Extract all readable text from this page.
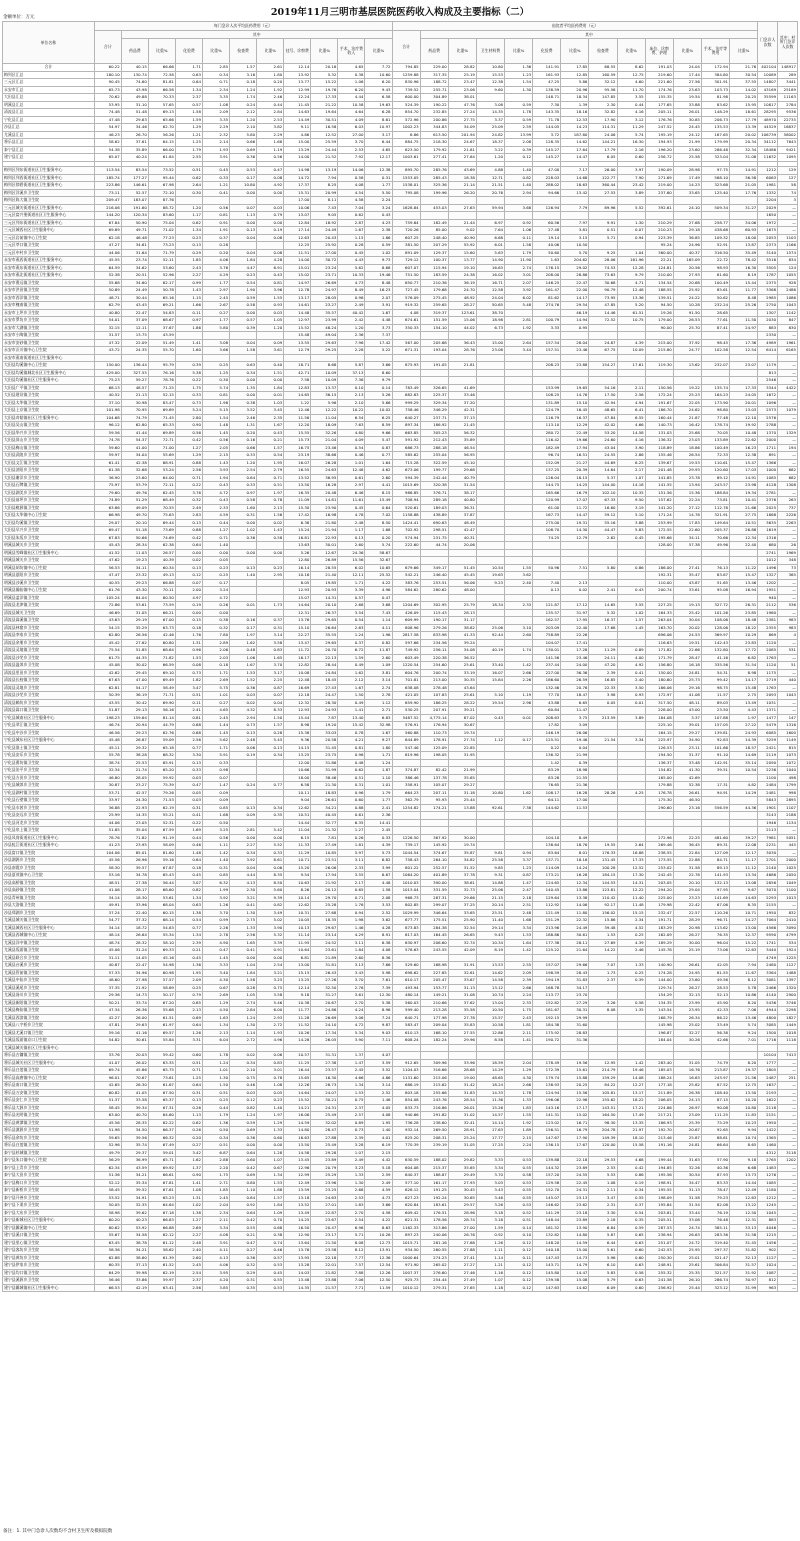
2019年11月三明市基层医院医药收入构成及主要指标（二）
金额单位：万元
单位名称	每门急诊人次平均医药费用（元）											出院者平均医药费用（元）													门急诊人次数	其中：村所门急诊人次数
	合计	其中										合计	其中													
		药品费	比重%	化验费	比重%	检查费	比重%	挂号、诊察费	比重%	手术、治疗费收入	比重%		药品费	比重%	卫生材料费	比重%	化验费	比重%	检查费	比重%	床位、诊察费、护理	比重%	手术、治疗等费用	比重%		
合计	60.22	40.15	66.66	1.71	2.85	1.57	2.61	12.14	20.16	4.65	7.72	794.85	229.00	28.82	10.80	1.36	141.91	17.85	68.55	8.62	191.03	24.04	172.94	21.76	402104	148917
梅列区汇总	180.10	130.74	72.58	0.63	0.34	3.16	1.80	13.92	5.32	0.38	10.60	1259.88	317.35	25.19	15.53	1.23	161.93	12.85	160.59	12.75	219.60	17.44	384.80	30.54	10089	289
三元区汇总	90.45	74.60	81.81	0.64	0.71	0.18	0.20	13.77	15.22	1.06	6.20	830.96	188.72	23.47	12.38	1.54	47.25	5.86	32.12	4.60	221.60	27.56	301.91	37.55	14807	3441
永安市汇总	65.73	43.98	66.58	1.34	2.34	1.24	1.92	12.99	19.76	6.20	9.43	739.52	255.71	23.06	9.60	1.30	138.59	20.96	95.56	11.70	174.76	23.63	103.73	14.02	43169	25189
大田县汇总	70.62	49.88	70.33	2.37	3.35	1.74	2.46	12.24	17.33	4.44	6.58	600.00	304.89	38.01			148.71	18.34	147.85	3.55	155.35	19.54	81.98	20.25	35599	11163
明溪县汇总	53.95	31.10	57.65	0.57	1.08	0.24	0.44	11.45	21.22	10.58	19.63	524.39	190.22	47.76	3.08	0.59	7.30	1.39	2.30	0.44	177.65	33.88	83.62	15.95	10817	2784
清流县汇总	74.48	51.48	69.13	1.58	2.09	2.12	2.84	14.63	19.64	4.64	6.28	854.70	232.85	27.24	14.35	1.78	143.35	18.16	32.82	4.16	205.11	26.01	148.29	18.61	28295	9536
宁化县汇总	47.48	29.63	65.66	1.59	3.35	1.20	2.53	14.49	30.51	4.09	8.61	572.96	200.86	27.75	3.37	0.59	71.78	12.53	17.90	3.12	176.76	30.85	206.73	17.79	48970	22735
沙县汇总	54.97	34.46	62.70	1.29	2.29	2.10	3.82	9.11	16.58	6.03	10.97	1002.23	344.83	34.09	25.09	2.59	144.05	14.23	114.31	11.29	247.52	24.45	135.53	13.39	44529	16837
尤溪县汇总	46.23	26.70	56.26	1.21	2.32	5.80	2.29	4.86	12.52	27.00	3.17	6.86	613.50	201.94	24.82	13.99	3.72	187.80	24.06	5.74	195.19	24.12	167.65	20.02	106739	58002
将乐县汇总	58.62	37.61	64.15	1.25	2.14	0.66	1.68	15.00	25.59	3.70	6.44	884.75	218.30	24.67	18.37	2.08	128.35	14.62	144.21	16.30	194.93	21.99	179.99	20.34	34112	7643
泰宁县汇总	54.38	35.89	66.00	1.79	1.93	0.69	1.19	13.29	24.44	2.53	4.65	623.50	179.92	21.81	3.22	0.39	145.27	17.64	17.79	2.16	196.20	23.60	286.48	32.34	18486	9421
建宁县汇总	65.07	40.24	61.84	2.55	3.91	0.36	0.56	14.00	21.52	7.92	12.17	1003.61	277.41	27.64	1.20	0.12	145.27	14.47	6.05	0.60	256.72	25.58	323.04	31.08	11632	1095

梅列区列东街道社区卫生服务中心	113.54	83.54	73.52	0.51	0.45	0.53	0.47	14.98	13.19	14.06	12.38	895.70	285.76	43.69	4.88	1.40	47.00	7.17	26.00	3.97	190.09	28.98	97.75	14.91	1212	129
梅列区列西街道社区卫生服务中心	185.74	177.27	95.44	0.62	0.33	0.17	0.08	14.72	7.94	0.58	0.31	1553.05	285.43	18.38	12.71	0.82	228.03	14.68	122.77	7.90	271.69	17.49	568.10	36.58	6063	127
梅列区徐碧街道社区卫生服务中心	223.86	146.61	67.98	2.64	1.21	10.80	4.92	17.37	8.25	4.08	1.77	1538.01	325.36	21.14	21.51	1.40	288.02	18.63	360.44	23.42	219.00	14.23	323.68	21.05	1981	58
梅列区洋溪乡卫生院	73.11	52.57	72.10	0.30	0.41	0.00	0.00	15.31	20.99	4.54	5.50	795.08	199.96	26.20	20.76	2.94	94.66	13.42	27.53	3.89	237.60	33.65	125.40	17.76	1332	74
梅列区陈大镇卫生院	209.47	183.07	87.76					17.00	8.11	4.58	2.24														2204	3
三元区城关街道社区卫生服务中心	216.06	191.60	88.72	1.20	0.56	0.07	0.03	10.06	7.43	7.04	3.24	1628.84	453.03	27.63	59.94	3.68	126.94	7.79	89.96	5.52	392.61	24.10	509.34	31.27	2029	—
三元区富兴堡街道社区卫生服务中心	144.20	120.34	83.60	1.17	0.81	1.13	0.79	13.07	9.05	0.62	0.43														1650	—
三元区列东街道社区卫生服务中心	67.84	50.90	75.04	0.62	0.91	0.00	0.00	12.84	18.92	2.87	4.23	759.64	182.49	21.44	6.97	0.92	60.56	7.97	9.91	1.30	210.29	27.68	258.77	34.06	1972	—
三元区城西社区卫生服务中心	69.89	49.71	71.02	1.34	1.91	0.13	0.19	17.14	24.49	1.67	2.38	720.26	85.00	9.02	7.64	1.06	27.48	3.81	0.51	0.07	210.23	29.18	438.68	60.93	1675	—
三元区岩前镇中心卫生院	62.18	46.48	77.23	0.23	0.37	0.04	0.08	12.63	20.43	1.15	1.86	607.25	248.40	40.90	6.68	0.11	19.14	3.15	5.71	0.94	223.39	36.85	109.32	18.00	2053	1103
三元区莘口镇卫生院	47.27	34.61	73.23	0.13	0.28			12.25	25.92	0.28	0.59	381.50	207.29	55.92	6.01	1.58	40.06	10.50			95.24	24.96	52.91	13.87	2373	1166
三元区中村乡卫生院	44.06	31.64	71.79	0.29	0.20	0.04	0.08	11.51	27.00	0.45	1.02	891.09	129.37	15.60	5.63	1.79	50.60	5.70	9.25	1.04	360.00	40.37	316.50	35.49	3140	1574
永安市燕西街道社区卫生服务中心	45.55	23.74	52.11	1.85	4.06	1.84	4.28	14.00	30.72	4.43	9.73	729.12	100.37	13.77	14.90	11.90	1.63	204.62	28.06	161.96	22.21	165.09	22.72	78.42	3516	834
永安市燕东街道社区卫生服务中心	64.59	34.62	53.60	2.43	3.76	4.47	6.91	15.01	23.24	5.62	8.68	607.07	115.94	19.10	16.63	2.74	176.15	29.02	74.53	12.28	124.81	20.56	98.93	16.30	3505	124
永安市燕北街道社区卫生服务中心	52.38	20.51	52.96	2.27	4.29	0.23	0.43	15.02	23.71	10.33	19.46	751.50	183.59	24.38	16.02	3.01	208.00	28.86	73.63	9.79	210.00	27.93	61.60	8.19	1787	1055
永安市曹远镇卫生院	55.68	34.60	62.17	0.99	1.77	0.54	0.81	14.97	26.69	4.73	8.48	650.77	210.36	36.19	16.71	2.07	146.25	22.47	30.68	4.71	134.54	20.68	100.49	15.44	2375	928
永安市洪田镇卫生院	50.89	24.49	50.78	1.43	2.97	1.90	3.96	12.78	24.97	8.49	16.23	727.45	179.68	24.70	12.58	3.92	161.47	22.00	90.79	12.48	188.55	25.92	85.61	11.77	3368	2486
永安市西洋镇卫生院	48.71	30.44	65.16	1.15	2.45	0.59	1.55	13.17	28.05	0.98	2.07	576.09	275.45	48.92	24.04	6.02	81.62	14.17	73.95	13.36	139.51	24.22	50.62	8.48	2985	1086
永安市槐南镇卫生院	62.79	43.45	69.21	1.66	2.67	0.58	0.93	14.61	23.27	2.49	3.91	919.32	259.65	28.27	50.65	5.48	274.76	29.54	47.85	5.20	94.50	10.28	232.24	25.26	2750	1043
永安市上坪乡卫生院	40.80	22.47	54.83	0.11	0.27	0.00	0.03	14.48	35.57	40.42	1.67	4.08	319.37	123.61	38.70			46.19	14.46	61.51	19.26	91.50	28.65		1307	1142
永安市罗坊乡卫生院	54.01	37.09	68.67	0.97	1.77	0.57	1.05	12.97	23.99	2.42	4.48	674.61	151.59	15.06	18.98	2.81	100.79	14.94	72.52	10.75	179.00	26.53	77.61	11.50	2030	847
永安市大湖镇卫生院	32.15	12.11	37.67	1.86	5.80	0.39	1.20	15.52	48.24	1.20	3.73	350.33	154.10	44.02	6.73	1.92	3.33	0.95			90.00	25.70	87.41	24.97	883	830
永安市小陶镇卫生院	31.57	13.75	43.59					15.48	49.04	2.36	7.37														2330	—
永安市安砂镇卫生院	47.32	22.09	51.49	1.41	3.08	0.04	0.09	13.55	29.63	7.96	17.42	567.00	205.68	36.43	15.00	2.64	157.54	28.04	24.87	4.39	215.00	37.92	98.45	17.36	4989	1961
永安市贡川镇中心卫生院	43.72	24.35	55.70	1.60	3.66	1.58	3.61	12.79	29.25	2.28	5.22	671.31	193.04	28.76	23.08	3.44	157.51	23.46	67.75	10.09	215.80	24.77	102.58	12.54	6414	6165
永安市燕南街道社区卫生服务中心																										
大田县均溪镇中心卫生院	150.00	136.44	95.79	0.39	0.25	0.63	0.40	18.71	8.68	5.87	3.66	875.93	191.05	21.81			208.23	23.88	154.27	17.61	119.30	13.62	232.07	23.07	1179	—
大田县均溪镇城北社区卫生服务中心	429.00	327.55	76.16	5.38	1.25	0.34	1.51	42.71	10.09	37.13	8.60														813	—
大田县均溪镇社区卫生服务中心	75.23	59.27	78.76	0.22	0.30	0.00	0.00	7.58	10.09	7.36	9.79														2546	—
大田县广平镇卫生院	68.13	48.57	71.25	1.75	5.74	1.35	1.84	12.83	13.37	0.10	0.14	783.49	326.65	41.69			153.99	19.65	54.16	2.11	150.56	19.22	135.74	17.33	3344	4422
大田县建设镇卫生院	40.52	21.13	52.15	0.33	0.81	0.00	0.01	14.65	36.15	2.13	5.26	682.83	225.37	33.46			108.25	14.76	17.50	2.56	172.24	25.23	164.23	24.05	1672	—
大田县太华镇卫生院	37.10	30.98	83.47	0.73	1.98	0.38	1.03	1.22	5.96	2.10	5.66	999.29	329.34	37.20			131.89	15.10	42.94	4.94	191.67	22.05	173.90	20.01	1096	—
大田县上京镇卫生院	101.98	70.95	69.89	5.24	5.15	3.52	3.45	12.46	12.22	10.22	10.02	758.46	346.29	42.31			124.79	16.45	48.65	6.41	186.70	24.62	98.80	13.03	2573	1079
大田县奇韬镇社区卫生服务中心	104.68	74.79	71.45	2.80	1.54	2.46	2.35	11.56	11.04	6.54	6.25	640.27	237.71	37.13			116.79	16.37	47.84	6.55	160.44	21.87	77.48	12.10	2576	—
大田县吴山镇卫生院	96.12	62.80	65.33	0.90	1.48	1.31	1.67	12.20	18.09	7.63	8.59	897.34	186.92	21.45			113.10	12.29	42.02	4.66	140.73	16.42	178.74	19.92	2788	—
大田县华兴乡卫生院	59.56	41.44	69.89	0.56	1.45	0.20	0.43	15.55	32.26	4.80	9.66	663.85	305.23	56.32			280.72	22.49	53.20	14.58	131.03	25.68	70.05	10.48	1370	1329
大田县屏山乡卫生院	74.78	54.37	72.71	0.42	0.56	0.16	0.21	15.73	21.04	4.09	5.47	591.92	212.43	35.89			116.42	19.66	24.60	4.16	136.32	23.03	133.89	22.62	2000	—
大田县梅山镇卫生院	59.60	41.00	71.00	1.27	2.05	0.66	1.57	16.75	23.46	0.54	0.87	686.73	288.18	46.54			182.49	17.94	43.04	3.90	118.89	18.86	100.49	16.23	1711	194
大田县武陵乡卫生院	59.97	34.04	55.69	1.29	2.15	0.33	0.54	23.19	38.68	0.46	0.77	585.62	255.04	56.95			96.74	16.51	24.55	2.86	155.46	26.54	72.33	12.38	891	—
大田县文江镇卫生院	61.41	42.38	68.91	0.88	1.43	1.20	1.95	16.07	26.28	1.01	1.64	715.28	322.59	45.10			152.09	21.27	44.69	6.25	139.67	19.53	110.61	15.47	1366	—
大田县济阳乡卫生院	61.38	32.68	53.24	2.56	3.93	2.54	2.79	16.55	24.63	12.48	4.62	673.06	199.77	29.68			137.25	20.39	14.64	2.17	201.48	29.93	120.60	17.03	1000	682
大田县谢洋乡卫生院	36.90	23.60	64.00	0.71	1.94	0.64	0.71	13.52	36.95	0.61	2.60	594.39	242.44	40.79			126.04	18.15	5.37	1.07	141.85	23.78	89.12	14.91	1085	682
大田县石牌镇卫生院	75.97	53.79	72.11	0.22	0.43	0.33	0.51	13.50	16.28	2.97	4.41	1015.69	320.38	31.54			144.75	14.25	144.00	14.18	141.55	13.94	243.57	23.98	4128	1308
大田县湖美乡卫生院	79.60	49.76	62.45	3.76	4.72	0.97	1.97	16.35	20.48	6.46	8.15	986.85	376.71	38.17			165.66	16.79	102.10	10.35	151.56	15.36	188.84	19.34	2781	—
大田县前坪乡卫生院	74.89	51.29	68.49	0.32	0.43	0.58	0.78	11.09	14.81	11.61	15.49	708.94	289.18	40.80			120.99	17.07	67.33	9.50	157.62	22.24	73.81	10.41	2376	263
大田县桃源镇卫生院	63.86	49.09	70.55	2.49	2.33	1.60	2.13	15.30	23.90	0.45	0.64	520.61	189.03	36.31			61.00	11.72	16.60	3.19	141.20	27.12	112.78	21.66	2025	737
大田县太华镇中心卫生院	66.98	49.70	75.63	2.83	4.59	0.31	1.56	17.42	16.98	4.78	7.02	1158.88	438.89	37.87			167.73	14.47	59.12	5.10	171.24	14.78	321.91	27.75	1868	2226
大田县均溪镇卫生院	29.07	20.10	69.44	0.13	0.44	0.00	0.02	6.38	21.80	2.48	8.50	1424.41	690.63	48.49			275.00	19.31	55.16	3.88	253.99	17.83	149.64	10.51	3635	2263
大田县早兴乡卫生院	69.47	51.18	73.69	0.88	1.27	1.02	1.43	15.24	21.94	1.17	1.68	702.92	298.51	42.47			108.70	14.30	44.47	5.83	172.55	22.60	205.37	26.88	1619	—
大田县朱坂乡卫生院	67.83	50.66	74.69	0.42	0.71	0.36	0.58	16.81	22.93	0.13	0.20	574.94	231.75	40.31			74.25	12.79	2.62	0.45	195.66	34.11	70.66	12.34	1316	—
明溪县城关乡卫生院	45.43	28.34	62.38	0.64	1.40			13.63	30.01	2.60	5.74	222.60	44.74	20.06							128.00	57.38	49.96	22.40	680	26
明溪县雪峰镇社区卫生服务中心	41.52	11.03	26.57	0.00	0.00	0.00	0.00	5.26	12.67	24.36	58.67														2741	1969
明溪县城关乡卫生院	47.62	19.23	40.39	0.02	0.05			12.80	26.89	15.56	32.67														1012	348
明溪县胡坊镇中心卫生院	56.53	34.11	60.34	0.13	0.23	0.13	0.23	16.14	28.55	6.02	10.65	679.66	349.17	51.45	10.54	1.55	50.96	7.51	5.80	0.86	186.00	27.41	76.13	11.22	1496	73
明溪县夏阳乡卫生院	47.47	23.32	49.13	0.12	0.25	1.40	2.95	10.16	21.40	12.11	25.52	542.21	246.40	45.45	19.63	3.62					192.31	35.47	83.87	15.47	1327	365
明溪县沙溪乡卫生院	40.55	29.23	66.88	0.07	0.17			8.05	19.85	1.71	4.22	383.76	253.51	56.06	9.23	2.40	7.40	2.13			110.00	43.87	51.65	13.46	1202	—
明溪县瀚仙镇中心卫生院	61.76	43.30	70.11	2.00	3.24			12.93	20.93	3.39	4.96	584.62	280.62	48.00			0.13	0.02	2.41	0.43	200.74	33.61	95.08	16.94	1951	—
明溪县盖洋镇卫生院	105.24	84.04	80.50	4.97	4.72			15.07	14.31	0.57	0.47														940	—
清流县龙津镇卫生院	72.86	53.61	73.59	0.19	0.26	0.01	1.73	14.64	20.10	2.68	3.68	1204.69	302.95	25.79	18.34	2.33	121.87	17.12	14.65	3.55	227.25	19.13	327.72	26.31	2112	536
清流县城关卫生院	46.69	31.05	66.21	0.00	0.00			12.31	26.37	3.54	7.43	426.09	115.43	28.13			135.57	31.97	5.32	1.02	164.33	25.42	101.26	23.85	1960	—
清流县嵩溪镇卫生院	43.63	29.19	67.00	0.15	0.38	0.16	0.37	13.76	29.65	0.54	1.14	609.99	190.17	31.17			162.57	17.95	16.37	1.57	263.04	30.04	108.06	18.48	2381	983
清流县林畲乡卫生院	54.15	35.29	63.73	0.18	0.32	0.17	0.31	15.10	26.64	2.63	4.11	808.96	279.26	38.82	25.06	3.10	203.09	22.40	17.68	1.45	163.70	20.02	128.06	18.22	2355	983
清流县李家乡卫生院	62.80	26.56	42.46	1.76	7.80	1.97	3.14	22.27	35.55	1.24	1.96	2817.58	833.98	41.33	92.44	2.60	758.89	22.26			696.06	24.53	369.97	10.29	869	4
清流县余朋乡卫生院	45.42	27.62	60.80	1.31	2.89	1.62	3.58	13.47	29.65	0.37	0.82	597.66	234.56	39.24			104.07	17.41			116.63	19.51	142.43	23.83	1120	—
清流县灵地镇卫生院	75.54	51.85	68.64	0.96	2.06	0.48	0.83	11.72	20.70	6.72	11.87	749.92	256.11	34.08	40.19	1.74	130.01	17.28	11.29	0.89	171.82	22.66	132.80	17.72	2085	531
清流县沙芜乡卫生院	61.75	44.35	71.82	1.53	2.03	1.06	1.65	16.17	22.13	1.59	2.60	603.49	220.38	36.52			141.56	23.46	24.11	4.00	171.79	28.47	41.16	6.82	1763	—
清流县温郊乡卫生院	45.08	30.02	66.59	0.08	0.18	1.67	3.70	12.82	28.44	0.49	1.09	1220.54	254.60	25.61	33.40	1.42	237.44	24.00	47.20	4.92	156.80	16.18	335.56	31.54	1120	51
清流县里田乡卫生院	42.62	29.45	69.10	0.73	1.71	1.53	3.17	10.08	24.84	1.62	3.81	604.76	200.74	33.19	16.07	2.66	227.00	36.36	2.39	0.41	150.00	24.81	54.31	8.98	1175	—
清流县长校镇卫生院	67.63	47.00	69.49	1.82	2.69	1.52	2.25	12.48	18.45	2.12	3.14	701.81	213.00	30.35	15.84	2.26	186.60	26.59	16.85	2.40	180.60	25.73	99.42	14.17	2719	440
清流县灵地乡卫生院	62.81	54.17	58.49	3.47	5.75	0.36	0.87	16.69	27.43	1.67	2.74	638.08	278.48	43.64			132.46	20.76	22.33	3.50	186.06	29.16	98.75	15.48	1763	—
清流县沙芜乡卫生院	50.39	36.19	71.71	0.51	1.01	0.03	0.07	12.18	24.47	1.50	2.78	421.05	107.83	25.61	5.10	1.19	77.70	18.47	3.98	0.93	172.97	41.08	11.57	2.75	2093	1043
清流县赖坊乡卫生院	43.55	30.42	69.90	0.11	0.27	0.02	0.04	12.32	28.30	0.49	1.12	659.90	186.25	28.22	19.54	2.96	43.88	6.65	0.05	0.01	317.50	48.11	89.03	13.49	1031	—
清流县嵩口镇卫生院	51.87	29.13	56.16	2.41	4.65	4.32	8.33	12.93	24.93	1.41	2.71	530.25	207.91	39.21			60.84	11.47			228.00	43.00	23.50	4.43	1371	—
宁化县城南社区卫生服务中心	198.23	159.64	81.14	0.81	2.45	2.94	1.50	15.44	7.87	13.40	6.83	5487.52	4,775.14	87.02	0.43	0.01	208.63	3.75	213.59	3.89	184.08	3.37	107.88	1.97	1477	147
宁化县翠江镇卫生院	46.74	20.94	44.79	0.68	1.44	0.73	1.57	8.98	19.20	15.42	32.98	576.91	176.94	30.67			17.82	3.09			225.10	39.01	157.05	27.22	5479	1316
宁化县中沙乡卫生院	46.56	29.23	62.76	0.68	1.45	0.13	0.28	15.38	33.03	0.78	1.67	560.88	110.73	19.74			146.19	26.06			164.15	29.27	139.81	24.93	6085	1600
宁化县城东社区卫生服务中心	45.48	26.87	59.09	2.56	5.62	2.48	5.45	9.36	20.58	4.21	9.27	644.89	178.91	27.74	1.12	0.17	125.51	19.46	21.54	3.34	225.97	34.90	92.83	14.39	3259	1149
宁化县淮土镇卫生院	45.11	29.32	65.18	0.77	1.71	0.06	0.13	14.15	31.45	0.81	1.80	547.46	125.09	22.85			0.22	0.04			126.53	23.11	101.66	18.57	2421	815
宁化县安乐乡卫生院	55.78	38.28	68.32	3.30	5.91	0.19	0.34	13.25	23.75	0.96	1.71	619.96	198.05	31.95			136.32	21.99			194.50	31.37	91.10	14.69	2119	1073
宁化县曹坊镇卫生院	38.74	25.53	65.91	0.13	0.33			12.00	31.86	0.48	1.24						1.42	0.39			136.37	33.48	142.91	35.14	2090	1072
宁化县治平乡卫生院	32.34	21.74	65.20	0.33	0.98			10.66	31.99	0.62	1.87	374.87	82.42	21.99			83.29	18.98			154.82	41.30	39.51	10.54	2236	1040
宁化县方田乡卫生院	46.80	28.05	59.92	0.03	0.07			18.00	38.46	0.51	1.10	386.46	137.78	35.65			83.28	21.55			165.00	42.69			1100	498
宁化县城郊乡卫生院	30.87	23.27	75.39	0.47	1.47	0.24	0.77	6.58	21.30	0.31	1.01	358.91	105.07	29.27			76.65	21.36			179.88	52.38	17.31	4.82	2484	1799
宁化县湖村镇卫生院	53.71	42.57	79.26	0.05	0.09			10.11	18.83	0.96	1.79	664.23	207.11	31.18	10.80	1.62	108.17	16.28	28.26	4.25	176.78	26.61	94.91	14.29	2481	998
宁化县石壁镇卫生院	33.97	24.30	71.53	0.03	0.09			9.04	26.61	0.60	1.77	362.79	95.93	25.44			64.11	17.00			175.30	46.50			5843	2895
宁化县水茜乡卫生院	36.88	22.93	62.19	0.31	0.85	0.13	0.34	12.62	34.21	0.88	2.41	1254.82	174.21	13.88	92.61	7.38	144.62	11.53			290.60	23.16	556.59	44.36	1901	1107
宁化县安远乡卫生院	25.99	14.35	55.21	0.41	1.68	0.09	0.35	10.51	40.45	0.61	2.36														3143	2188
宁化县河龙乡卫生院	44.06	23.05	52.31	0.22	0.50			14.44	32.77	6.35	14.41														1946	1134
宁化县泉上镇卫生院	51.85	35.04	67.59	1.69	3.25	2.81	5.42	11.04	21.32	1.27	2.45														2113	—
沙县凤岗街道社区卫生服务中心	78.76	71.82	91.19	0.44	0.56	0.00	0.00	6.15	7.81	0.26	0.33	1226.50	367.92	30.00			104.10	8.49			272.96	22.25	481.60	39.27	7981	5051
沙县虬江街道社区卫生服务中心	41.23	23.95	58.09	0.46	1.11	2.27	5.52	11.33	27.49	1.81	4.39	739.17	145.92	19.74			138.64	18.76	19.55	2.64	269.46	36.45	89.31	12.08	2231	445
沙县富口镇卫生院	104.06	85.01	81.60	1.48	1.42	0.34	0.33	11.29	10.85	5.97	5.73	1044.54	374.67	35.87	9.81	0.94	83.64	8.01	176.33	16.88	238.55	22.84	127.09	12.17	3030	—
沙县湖源乡卫生院	45.56	26.96	59.16	0.64	1.40	3.92	8.61	10.71	23.51	3.11	6.82	758.43	264.10	34.82	25.58	3.37	137.71	18.16	131.45	17.33	173.55	22.88	84.71	11.17	2701	2000
沙县南霞乡卫生院	58.30	39.57	67.87	0.18	0.31	0.04	0.06	15.20	26.06	2.33	3.99	801.22	252.57	31.52	9.85	1.23	114.09	14.24	100.28	12.52	253.02	31.58	89.13	11.12	2140	1025
沙县夏茂镇中心卫生院	53.16	34.78	65.43	0.45	0.85	4.44	8.35	9.54	17.94	3.55	6.67	1064.20	401.89	37.78	9.31	0.87	173.21	16.28	184.15	17.30	242.45	22.78	141.93	13.34	4686	2050
沙县高桥镇卫生院	48.51	27.38	56.44	3.07	6.32	4.13	8.50	10.63	21.92	2.17	4.48	1010.03	390.00	38.61	14.88	1.47	124.65	12.34	144.53	14.31	203.05	20.10	132.13	13.08	2856	1049
沙县高砂镇卫生院	41.06	28.17	68.60	0.82	1.99	2.30	5.60	8.26	20.12	0.65	1.58	1013.04	331.59	32.73	25.06	2.47	140.45	13.86	123.81	12.22	294.20	29.04	97.95	9.67	3070	1100
沙县青州镇卫生院	34.14	18.30	53.61	1.34	3.92	3.21	9.39	10.14	29.70	0.71	2.08	968.73	287.31	29.66	21.15	2.18	129.64	13.38	110.42	11.40	225.00	23.23	141.69	14.63	2293	1013
沙县大洛镇卫生院	49.91	33.96	68.04	0.63	1.26	0.41	0.82	12.62	25.28	1.76	3.53	802.85	299.07	37.25	20.14	2.51	112.92	14.06	92.17	11.48	179.98	22.42	67.06	8.35	2155	—
沙县郑湖乡卫生院	37.24	22.40	60.15	1.38	3.70	1.30	3.49	10.31	27.68	0.94	2.52	1029.99	346.64	33.65	25.51	2.48	121.49	11.80	156.02	15.15	232.47	22.57	110.26	10.71	1950	832
尤溪县城关镇卫生院	54.77	37.32	68.14	0.54	0.99	2.75	5.02	10.05	18.35	1.98	3.62	677.77	175.51	25.90	11.40	1.68	151.29	22.32	15.86	2.34	191.71	28.29	96.71	14.27	7064	2410
尤溪县城西社区卫生服务中心	34.14	18.72	54.83	0.77	2.26	1.33	3.90	10.13	29.67	1.46	4.28	873.83	284.38	32.54	29.14	3.34	213.96	24.49	39.48	4.52	183.29	20.98	113.62	13.00	4566	3090
尤溪县西城镇中心卫生院	48.14	26.64	55.34	1.34	2.78	2.56	5.32	11.14	23.14	4.29	8.91	617.03	164.45	26.65	9.43	1.53	188.86	30.61	1.53	0.25	162.09	26.27	76.35	12.37	9590	4799
尤溪县洋中镇卫生院	48.74	28.32	58.10	2.39	4.90	1.65	3.39	11.95	24.52	3.11	6.38	630.97	206.60	32.74	10.34	1.64	177.38	28.11	27.69	4.39	189.29	30.00	96.04	15.22	1741	534
尤溪县坂面镇卫生院	45.06	31.24	69.33	0.21	0.47	0.41	0.91	10.64	23.61	1.84	4.08	578.63	243.55	42.09	8.19	1.42	125.22	21.64	14.22	2.46	145.78	25.19	73.06	12.63	3440	1924
尤溪县联合乡卫生院	31.11	14.05	45.16	0.45	1.45	0.00	0.00	6.81	21.89	2.60	8.36														4749	1225
尤溪县台溪乡卫生院	40.87	22.47	54.98	1.36	3.33	1.04	2.54	13.00	31.81	3.13	7.66	529.60	168.98	31.91	13.53	2.55	157.07	29.66	7.07	1.33	140.90	26.61	42.05	7.94	2480	1127
尤溪县管前镇卫生院	57.33	34.96	60.98	1.95	3.40	1.84	3.21	15.15	26.43	3.43	5.98	698.62	227.85	32.61	14.62	2.09	198.59	28.43	1.73	0.25	174.28	24.95	81.55	11.67	3364	1488
尤溪县中仙乡卫生院	48.60	27.98	57.57	2.09	4.30	1.58	3.25	13.25	27.26	3.70	7.61	610.17	205.47	33.67	14.58	2.39	194.19	31.83	2.37	0.39	144.00	23.60	49.56	8.12	3081	1397
尤溪县溪尾乡卫生院	37.35	21.92	58.69	0.25	0.67	0.28	0.75	12.14	32.50	2.76	7.39	493.94	153.77	31.13	13.12	2.66	168.78	34.17			129.74	26.27	28.53	5.78	2466	1320
尤溪县汤川乡卫生院	29.36	14.73	50.17	0.79	2.69	1.05	3.58	9.18	31.27	3.61	12.30	480.14	149.21	31.08	10.74	2.24	113.77	23.70			154.29	32.13	52.13	10.86	4140	2900
尤溪县新阳镇卫生院	50.21	33.74	67.20	0.65	1.29	2.74	5.46	10.38	20.67	2.70	5.38	560.03	210.66	37.62	13.04	2.33	152.82	27.29	3.26	0.58	134.35	23.99	45.90	8.20	5436	3746
尤溪县梅仙镇卫生院	47.34	26.36	55.68	2.13	4.50	2.84	6.00	11.77	24.86	4.24	8.96	599.40	213.28	35.58	10.50	1.75	181.67	30.31	8.08	1.35	143.54	23.95	42.33	7.06	4944	2298
尤溪县西滨镇卫生院	42.27	26.00	61.51	0.69	1.63	1.24	2.93	11.28	26.69	3.06	7.24	640.71	177.98	27.78	15.57	2.43	192.15	29.99			168.79	26.34	86.22	13.46	4800	1827
尤溪县八字桥乡卫生院	47.81	29.63	61.97	0.64	1.34	1.30	2.72	11.52	24.10	4.72	9.87	583.47	209.04	35.83	10.58	1.81	184.38	31.60			145.98	25.02	33.49	5.74	3085	1449
尤溪县尤溪口镇卫生院	59.16	41.16	69.57	1.26	2.13	1.14	1.93	10.26	17.34	5.34	9.03	610.13	168.10	27.55	12.86	2.11	175.92	28.83			196.87	32.27	56.38	9.24	1500	1018
尤溪县坂面镇京口卫生院	54.82	30.61	55.84	3.31	6.04	2.72	4.96	14.28	26.05	3.90	7.11	608.24	182.24	29.96	8.58	1.41	190.72	31.36			184.04	30.26	42.66	7.01	1716	1118
尤溪县城关镇社区卫生服务中心																										
将乐县古镛镇卫生院	33.76	20.03	59.42	0.60	1.78	0.02	0.06	10.57	31.31	1.37	4.07														10104	7413
将乐县城关社区卫生服务中心	41.07	26.02	63.35	0.51	1.24	0.34	0.83	11.25	27.38	1.47	3.59	912.65	309.96	33.96	18.59	2.04	178.49	19.56	12.95	1.42	283.40	31.05	74.79	8.20	1777	—
将乐县白莲镇卫生院	69.74	45.86	65.75	0.71	1.01	2.10	3.01	16.44	23.57	2.45	3.52	1104.03	316.66	28.68	14.29	1.29	172.39	15.61	214.79	19.46	185.03	16.76	213.87	19.37	1805	—
将乐县高唐镇中心卫生院	96.01	70.67	73.61	1.25	1.30	0.75	0.78	15.65	16.30	4.66	4.86	1131.60	215.06	19.00	48.65	4.30	179.74	15.88	159.29	14.08	188.24	16.63	243.97	21.56	2487	251
将乐县南口镇卫生院	42.65	26.30	61.67	0.64	1.50	0.46	1.08	12.26	28.73	1.34	3.14	686.19	215.62	31.42	18.24	2.66	138.93	20.25	84.22	12.27	177.18	25.82	87.52	12.75	1637	—
将乐县万安镇卫生院	60.82	41.05	67.50	0.31	0.51	0.03	0.05	14.64	24.07	1.53	2.52	803.18	255.66	31.83	14.33	1.78	124.94	15.56	105.81	13.17	211.89	26.38	108.40	13.50	2193	—
将乐县安仁乡卫生院	51.37	33.58	65.37	0.13	0.25	0.12	0.23	15.52	30.21	0.75	1.46	854.08	243.76	28.54	11.36	1.33	196.06	22.96	155.62	18.22	206.05	24.13	87.15	10.20	1622	—
将乐县大源乡卫生院	58.45	39.34	67.31	0.26	0.44	0.82	1.40	14.21	24.31	2.37	4.05	833.73	216.86	26.01	15.26	1.83	143.16	17.17	143.51	17.21	224.86	26.97	90.08	10.80	2118	—
将乐县光明镇卫生院	63.00	40.70	64.60	1.13	1.79	1.24	1.97	16.06	25.49	2.57	4.08	940.66	291.82	31.02	14.57	1.55	141.31	15.02	164.50	17.49	217.21	23.09	111.25	11.83	2151	—
将乐县黄潭镇卫生院	45.56	28.35	62.22	0.62	1.36	0.59	1.29	14.59	32.02	0.89	1.95	736.28	238.60	32.41	14.14	1.92	123.02	16.71	98.30	13.35	186.93	25.39	75.29	10.23	1950	—
将乐县漠源乡卫生院	51.98	34.50	66.37	0.26	0.50	0.69	1.33	14.80	28.47	0.73	1.40	932.14	269.50	28.91	17.63	1.89	156.51	16.79	204.78	21.97	192.70	20.67	92.65	9.94	1422	—
将乐县余坊乡卫生院	59.65	39.56	66.32	0.20	0.34	0.36	0.60	16.63	27.88	2.39	4.01	825.20	208.31	25.24	17.77	2.15	147.67	17.90	149.39	18.10	213.46	25.87	88.61	10.74	1365	—
将乐县白莲镇卫生院	52.96	35.74	67.49	0.27	0.51	0.00	0.00	13.50	25.49	3.28	6.19	770.39	239.19	31.05	17.25	2.24	136.15	17.67	120.00	15.58	191.16	24.81	66.64	8.65	1460	—
泰宁县杉城镇卫生院	49.79	29.37	59.01	3.42	6.87	0.64	1.28	14.58	29.28	1.07	2.15														4312	3118
泰宁县朱口镇中心卫生院	56.29	36.99	65.71	1.62	2.88	0.60	1.07	13.45	23.89	2.49	4.42	630.59	188.02	29.82	3.33	0.53	139.88	22.18	29.53	4.68	199.44	31.63	57.90	9.18	2765	1202
泰宁县上青乡卫生院	62.34	43.59	69.92	1.37	2.20	0.42	0.67	12.96	20.79	3.23	5.18	604.08	215.37	35.65	3.34	0.55	144.32	23.89	2.53	0.42	194.85	32.26	40.36	6.68	1483	—
泰宁县大田乡卫生院	51.36	34.21	66.61	0.90	1.75	0.69	1.34	12.99	25.29	1.33	2.59	640.37	188.87	29.49	3.70	0.58	157.20	24.55	5.53	0.86	195.56	30.54	87.93	13.73	1276	—
泰宁县梅口乡卫生院	52.12	35.34	67.81	1.41	2.71	0.80	1.53	12.49	23.96	1.30	2.49	577.10	161.17	27.93	3.03	0.53	129.58	22.45	1.08	0.19	198.91	34.47	83.33	14.44	1085	—
泰宁县新桥乡卫生院	58.45	39.52	67.61	1.08	1.85	1.10	1.88	13.59	23.25	2.68	4.59	628.12	191.25	30.45	3.43	0.55	152.70	24.31	2.11	0.34	195.55	31.13	78.47	12.49	1180	—
泰宁县开善乡卫生院	53.52	34.91	65.23	1.31	2.45	0.84	1.57	13.18	24.63	2.53	4.73	627.23	192.24	30.65	3.46	0.55	145.07	23.13	3.47	0.55	198.09	31.58	79.23	12.63	1212	—
泰宁县下渠乡卫生院	50.05	32.35	64.64	1.02	2.04	0.92	1.84	13.52	27.01	1.83	3.66	620.84	183.61	29.57	3.26	0.53	146.62	23.62	2.31	0.37	195.84	31.54	82.08	13.22	1245	—
泰宁县大布乡卫生院	58.98	39.62	67.18	1.38	2.34	0.64	1.09	13.49	22.87	2.70	4.58	609.42	176.51	28.96	3.18	0.52	141.29	23.18	3.30	0.54	203.81	33.44	76.19	12.50	1045	—
泰宁县新城社区卫生服务中心	60.20	40.23	66.83	1.27	2.11	0.42	0.70	14.25	23.67	2.54	4.22	621.31	178.56	28.74	3.18	0.51	148.44	23.89	2.18	0.35	205.51	33.08	76.48	12.31	883	—
建宁县濉溪镇中心卫生院	80.62	53.92	66.88	2.69	3.34	0.55	0.68	16.50	20.47	6.96	8.63	1162.33	313.86	27.00	1.59	0.14	161.52	13.90	6.84	0.59	287.53	24.74	385.11	33.13	4046	—
建宁县溪口镇卫生院	55.67	34.58	62.12	2.27	4.08	0.21	0.38	12.90	23.17	5.71	10.26	897.23	240.06	26.76	0.92	0.10	132.82	14.80	5.87	0.65	238.94	26.63	283.36	31.58	1215	—
建宁县里心镇卫生院	63.45	38.78	61.12	2.48	3.91	0.47	0.74	13.64	21.50	8.08	12.73	1015.71	281.16	27.68	1.26	0.12	148.20	14.59	6.44	0.63	251.07	24.72	319.40	31.45	1456	—
建宁县客坊乡卫生院	58.36	34.21	58.62	2.40	4.11	0.27	0.46	13.76	23.58	8.12	13.91	934.50	260.55	27.88	1.11	0.12	140.18	15.00	5.61	0.60	242.53	25.95	297.37	31.82	902	—
建宁县黄坊乡卫生院	62.88	38.60	61.39	2.60	4.13	0.36	0.57	13.95	22.18	7.77	12.36	1000.64	274.23	27.41	1.14	0.11	147.43	14.73	5.96	0.60	250.30	25.01	321.47	32.13	1127	—
建宁县伊家乡卫生院	60.35	37.13	61.52	2.45	4.06	0.32	0.53	13.28	22.01	7.57	12.54	971.90	265.02	27.27	1.21	0.12	143.71	14.79	6.10	0.63	248.91	25.61	306.84	31.57	1024	—
建宁县均口镇卫生院	64.29	39.98	62.19	2.54	3.95	0.29	0.45	14.03	21.82	7.88	12.26	1007.37	276.60	27.46	1.16	0.12	145.80	14.47	5.83	0.58	255.32	25.35	321.57	31.92	1087	—
建宁县溪源乡卫生院	56.46	33.86	59.97	2.37	4.20	0.31	0.55	13.48	23.88	7.06	12.50	925.73	254.44	27.49	1.07	0.12	139.58	15.08	5.79	0.63	241.58	26.10	286.74	30.97	812	—
建宁县濉城镇社区卫生服务中心	66.53	42.19	63.41	2.56	3.85	0.35	0.53	14.35	21.57	7.71	11.59	1010.12	279.31	27.65	1.18	0.12	147.63	14.62	6.09	0.60	256.92	25.44	323.12	31.99	963	—
备注：1. 其中门急诊人次数均不含村卫生所及模拟院数
